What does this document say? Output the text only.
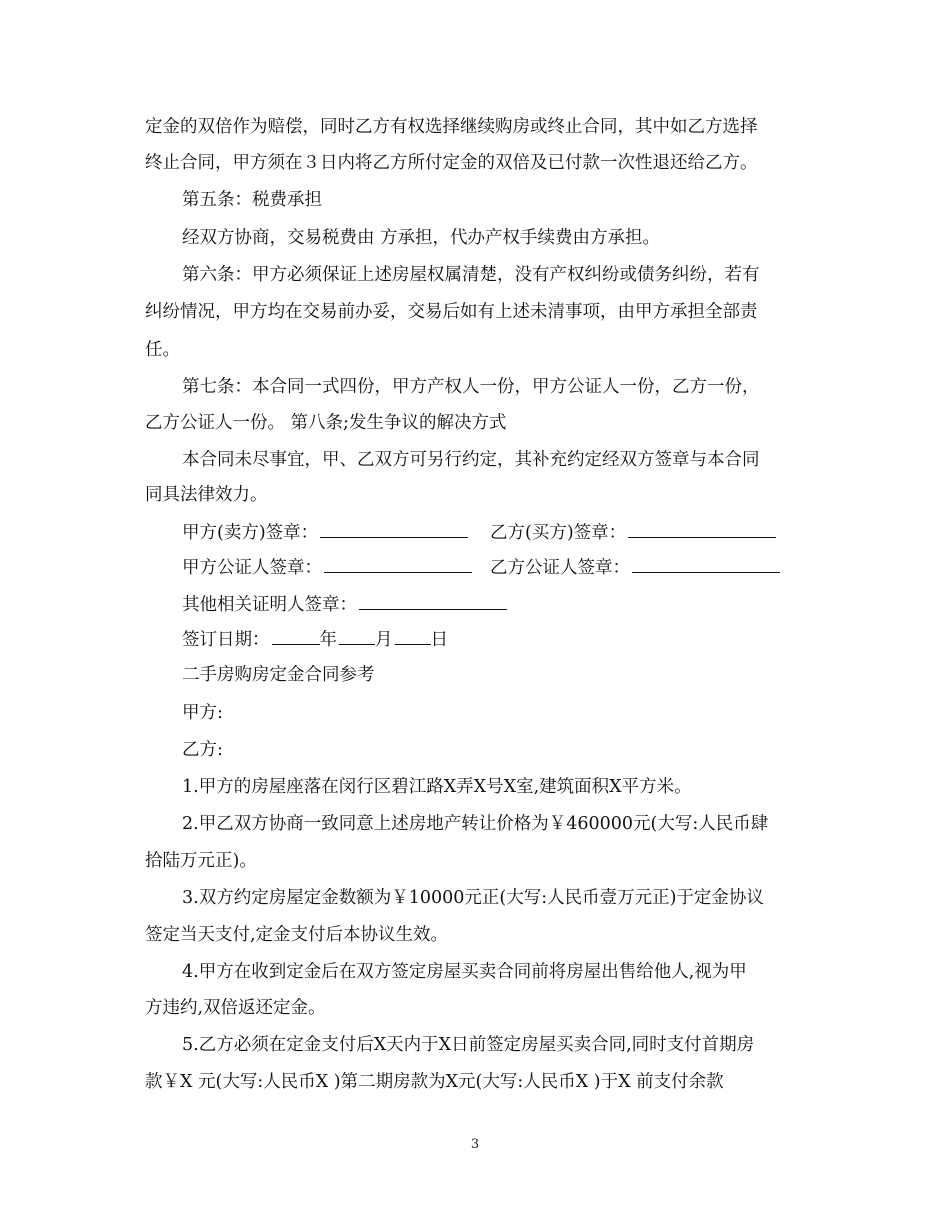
定金的双倍作为赔偿，同时乙方有权选择继续购房或终止合同，其中如乙方选择
终止合同，甲方须在３日内将乙方所付定金的双倍及已付款一次性退还给乙方。
第五条：税费承担
经双方协商，交易税费由 方承担，代办产权手续费由方承担。
第六条：甲方必须保证上述房屋权属清楚，没有产权纠纷或债务纠纷，若有
纠纷情况，甲方均在交易前办妥，交易后如有上述未清事项，由甲方承担全部责
任。
第七条：本合同一式四份，甲方产权人一份，甲方公证人一份，乙方一份，
乙方公证人一份。 第八条;发生争议的解决方式
本合同未尽事宜，甲、乙双方可另行约定，其补充约定经双方签章与本合同
同具法律效力。
甲方(卖方)签章：	乙方(买方)签章：
甲方公证人签章：	乙方公证人签章：
其他相关证明人签章：
签订日期：	年 月 日
二手房购房定金合同参考
甲方:
乙方:
1.甲方的房屋座落在闵行区碧江路X弄X号X室,建筑面积X平方米。
2.甲乙双方协商一致同意上述房地产转让价格为￥460000元(大写:人民币肆
拾陆万元正)。
3.双方约定房屋定金数额为￥10000元正(大写:人民币壹万元正)于定金协议
签定当天支付,定金支付后本协议生效。
4.甲方在收到定金后在双方签定房屋买卖合同前将房屋出售给他人,视为甲
方违约,双倍返还定金。
5.乙方必须在定金支付后X天内于X日前签定房屋买卖合同,同时支付首期房
款￥X 元(大写:人民币X )第二期房款为X元(大写:人民币X )于X 前支付余款
3
